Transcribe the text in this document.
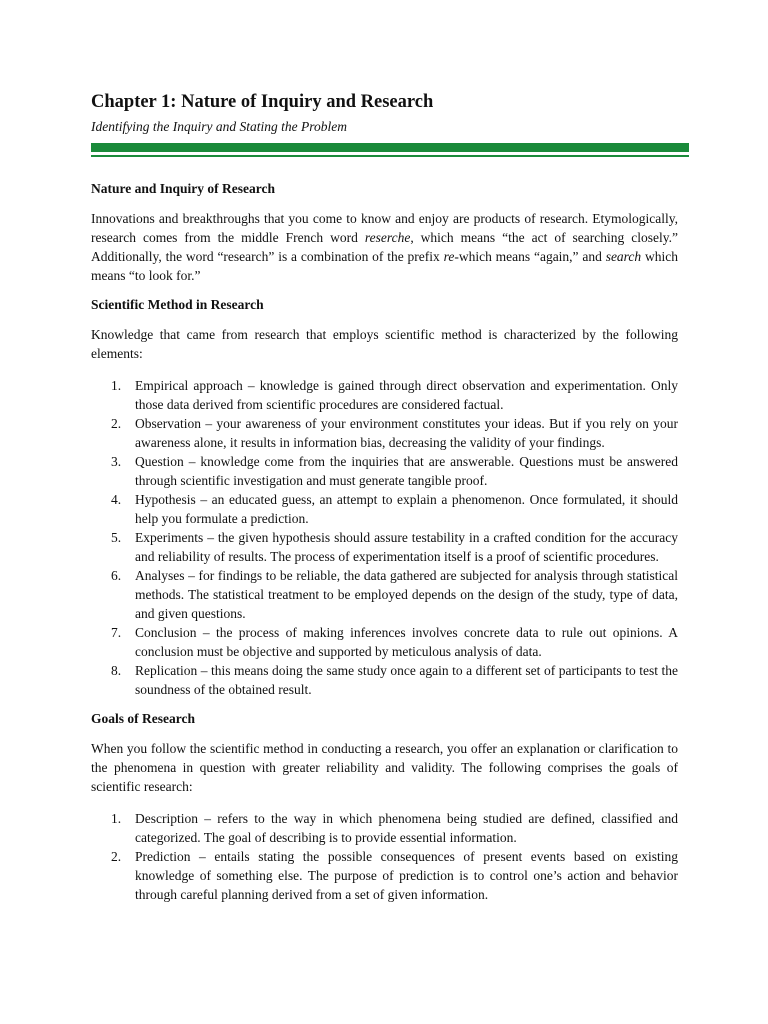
Chapter 1: Nature of Inquiry and Research
Identifying the Inquiry and Stating the Problem
Nature and Inquiry of Research

Innovations and breakthroughs that you come to know and enjoy are products of research. Etymologically, research comes from the middle French word reserche, which means “the act of searching closely.” Additionally, the word “research” is a combination of the prefix re-which means “again,” and search which means “to look for.”

Scientific Method in Research

Knowledge that came from research that employs scientific method is characterized by the following elements:

1. Empirical approach – knowledge is gained through direct observation and experimentation. Only those data derived from scientific procedures are considered factual.
2. Observation – your awareness of your environment constitutes your ideas. But if you rely on your awareness alone, it results in information bias, decreasing the validity of your findings.
3. Question – knowledge come from the inquiries that are answerable. Questions must be answered through scientific investigation and must generate tangible proof.
4. Hypothesis – an educated guess, an attempt to explain a phenomenon. Once formulated, it should help you formulate a prediction.
5. Experiments – the given hypothesis should assure testability in a crafted condition for the accuracy and reliability of results. The process of experimentation itself is a proof of scientific procedures.
6. Analyses – for findings to be reliable, the data gathered are subjected for analysis through statistical methods. The statistical treatment to be employed depends on the design of the study, type of data, and given questions.
7. Conclusion – the process of making inferences involves concrete data to rule out opinions. A conclusion must be objective and supported by meticulous analysis of data.
8. Replication – this means doing the same study once again to a different set of participants to test the soundness of the obtained result.
Goals of Research

When you follow the scientific method in conducting a research, you offer an explanation or clarification to the phenomena in question with greater reliability and validity. The following comprises the goals of scientific research:

1. Description – refers to the way in which phenomena being studied are defined, classified and categorized. The goal of describing is to provide essential information.
2. Prediction – entails stating the possible consequences of present events based on existing knowledge of something else. The purpose of prediction is to control one’s action and behavior through careful planning derived from a set of given information.
